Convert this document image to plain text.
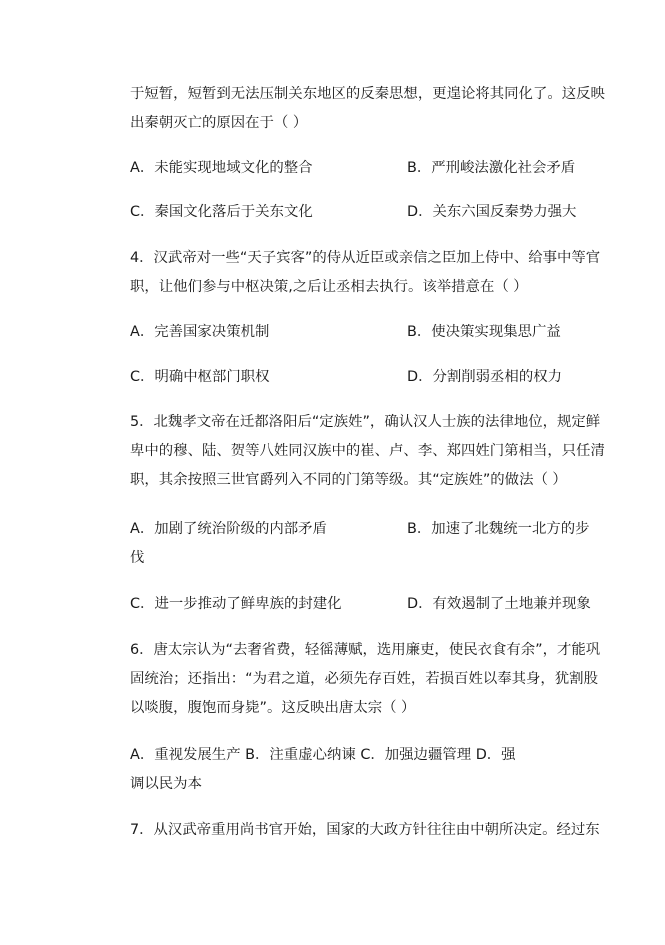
于短暂，短暂到无法压制关东地区的反秦思想，更遑论将其同化了。这反映
出秦朝灭亡的原因在于（ ）
A．未能实现地域文化的整合	B．严刑峻法激化社会矛盾
C．秦国文化落后于关东文化	D．关东六国反秦势力强大
4．汉武帝对一些“天子宾客”的侍从近臣或亲信之臣加上侍中、给事中等官
职，让他们参与中枢决策,之后让丞相去执行。该举措意在（ ）
A．完善国家决策机制	B．使决策实现集思广益
C．明确中枢部门职权	D．分割削弱丞相的权力
5．北魏孝文帝在迁都洛阳后“定族姓”，确认汉人士族的法律地位，规定鲜
卑中的穆、陆、贺等八姓同汉族中的崔、卢、李、郑四姓门第相当，只任清
职，其余按照三世官爵列入不同的门第等级。其“定族姓”的做法（ ）
A．加剧了统治阶级的内部矛盾	B．加速了北魏统一北方的步
伐
C．进一步推动了鲜卑族的封建化	D．有效遏制了土地兼并现象
6．唐太宗认为“去奢省费，轻徭薄赋，选用廉吏，使民衣食有余”，才能巩
固统治；还指出：“为君之道，必须先存百姓，若损百姓以奉其身，犹割股
以啖腹，腹饱而身毙”。这反映出唐太宗（ ）
A．重视发展生产 B．注重虚心纳谏 C．加强边疆管理 D．强
调以民为本
7．从汉武帝重用尚书官开始，国家的大政方针往往由中朝所决定。经过东
